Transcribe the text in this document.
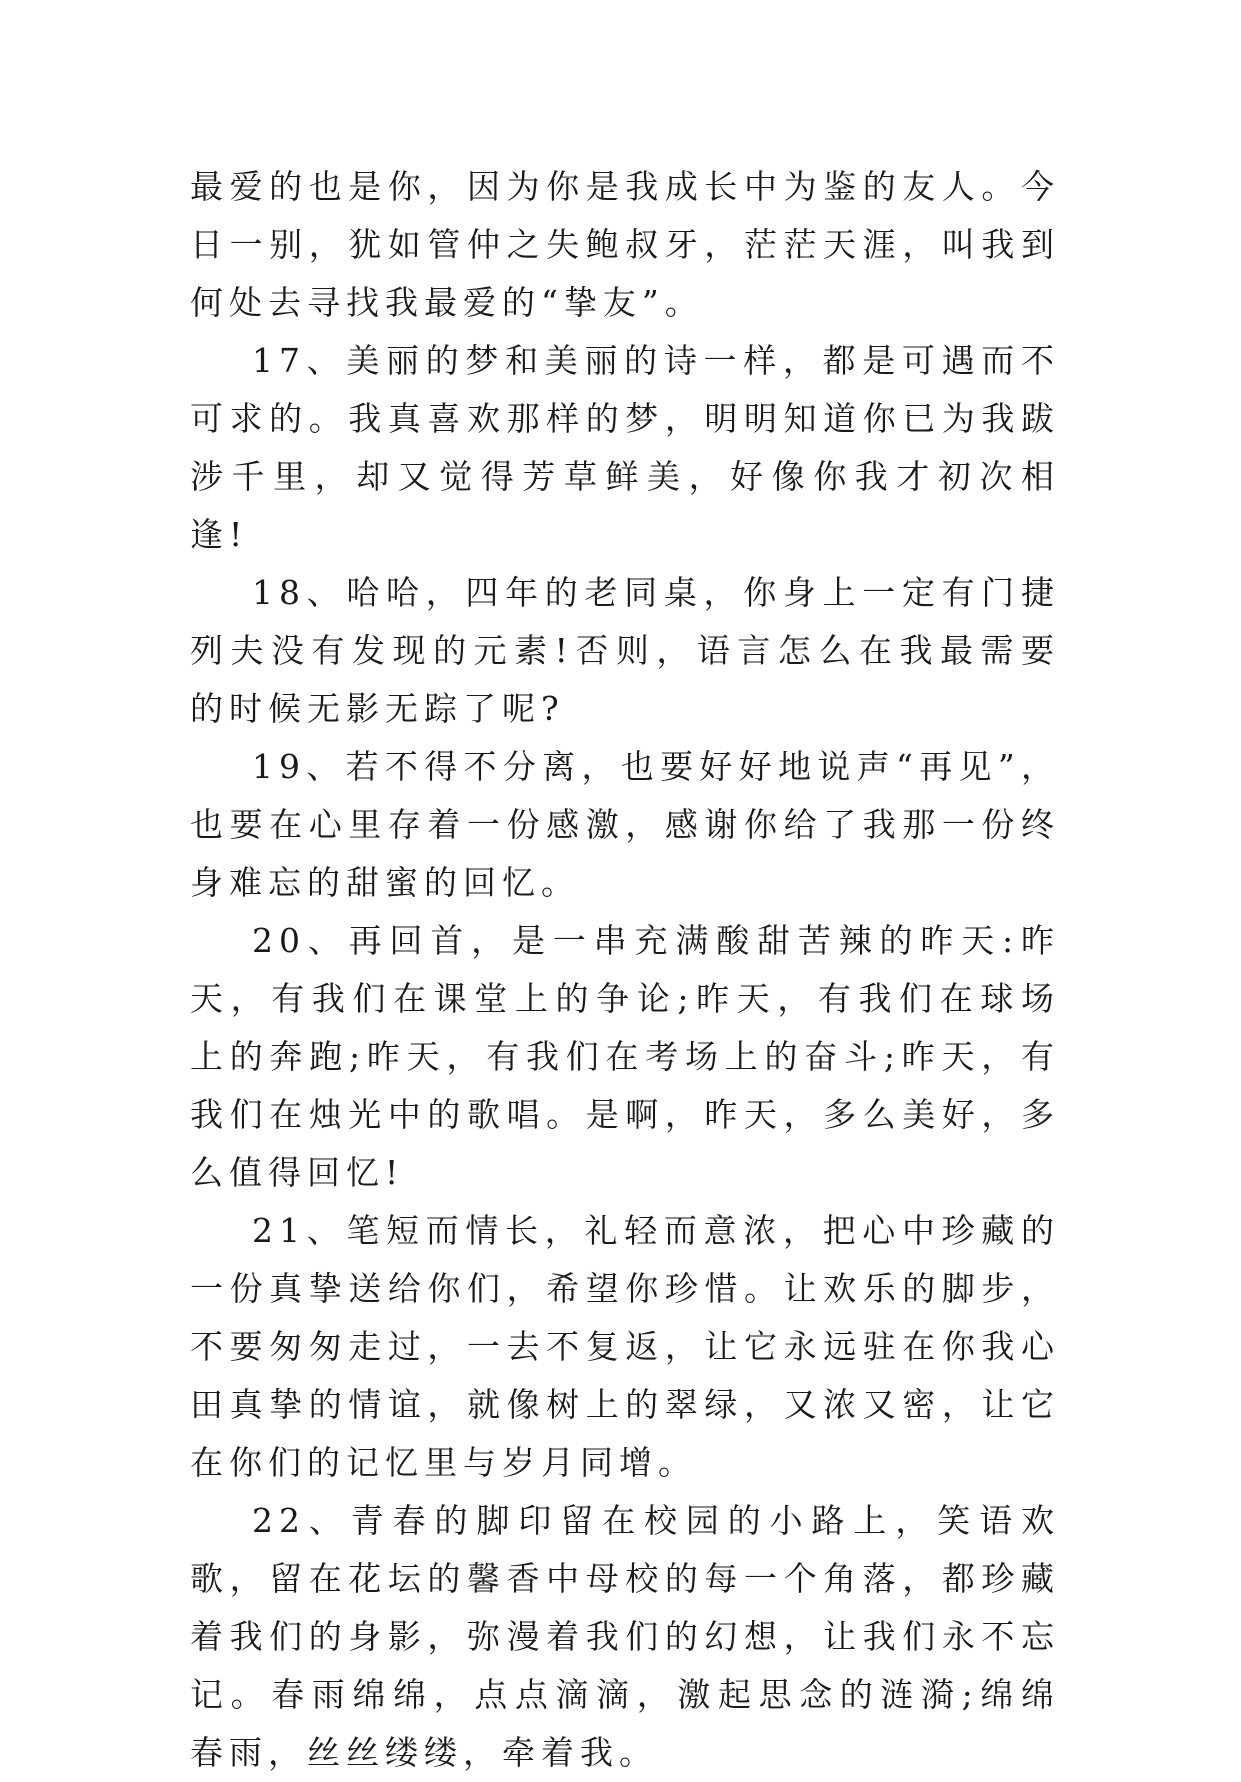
最爱的也是你，因为你是我成长中为鉴的友人。今日一别，犹如管仲之失鲍叔牙，茫茫天涯，叫我到何处去寻找我最爱的“挚友”。

17、美丽的梦和美丽的诗一样，都是可遇而不可求的。我真喜欢那样的梦，明明知道你已为我跋涉千里，却又觉得芳草鲜美，好像你我才初次相逢!

18、哈哈，四年的老同桌，你身上一定有门捷列夫没有发现的元素!否则，语言怎么在我最需要的时候无影无踪了呢?

19、若不得不分离，也要好好地说声“再见”，也要在心里存着一份感激，感谢你给了我那一份终身难忘的甜蜜的回忆。

20、再回首，是一串充满酸甜苦辣的昨天:昨天，有我们在课堂上的争论;昨天，有我们在球场上的奔跑;昨天，有我们在考场上的奋斗;昨天，有我们在烛光中的歌唱。是啊，昨天，多么美好，多么值得回忆!

21、笔短而情长，礼轻而意浓，把心中珍藏的一份真挚送给你们，希望你珍惜。让欢乐的脚步，不要匆匆走过，一去不复返，让它永远驻在你我心田真挚的情谊，就像树上的翠绿，又浓又密，让它在你们的记忆里与岁月同增。

22、青春的脚印留在校园的小路上，笑语欢歌，留在花坛的馨香中母校的每一个角落，都珍藏着我们的身影，弥漫着我们的幻想，让我们永不忘记。春雨绵绵，点点滴滴，激起思念的涟漪;绵绵春雨，丝丝缕缕，牵着我。
